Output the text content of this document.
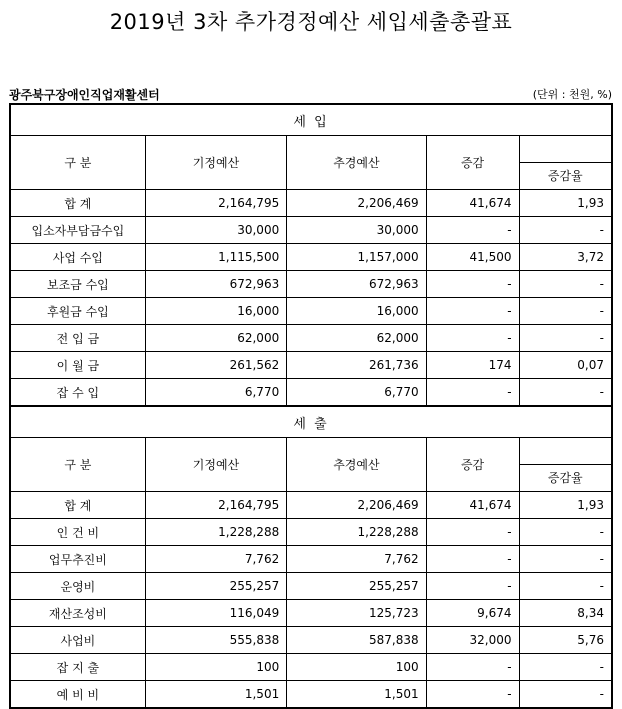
2019년 3차 추가경정예산 세입세출총괄표
광주북구장애인직업재활센터	(단위 : 천원, %)
세 입				
구 분	기정예산	추경예산	증감	증감율

합 계	2,164,795	2,206,469	41,674	1,93
입소자부담금수입	30,000	30,000	-	-
사업 수입	1,115,500	1,157,000	41,500	3,72
보조금 수입	672,963	672,963	-	-
후원금 수입	16,000	16,000	-	-
전 입 금	62,000	62,000	-	-
이 월 금	261,562	261,736	174	0,07
잡 수 입	6,770	6,770	-	-
세 출				
구 분	기정예산	추경예산	증감	증감율

합 계	2,164,795	2,206,469	41,674	1,93
인 건 비	1,228,288	1,228,288	-	-
업무추진비	7,762	7,762	-	-
운영비	255,257	255,257	-	-
재산조성비	116,049	125,723	9,674	8,34
사업비	555,838	587,838	32,000	5,76
잡 지 출	100	100	-	-
예 비 비	1,501	1,501	-	-
